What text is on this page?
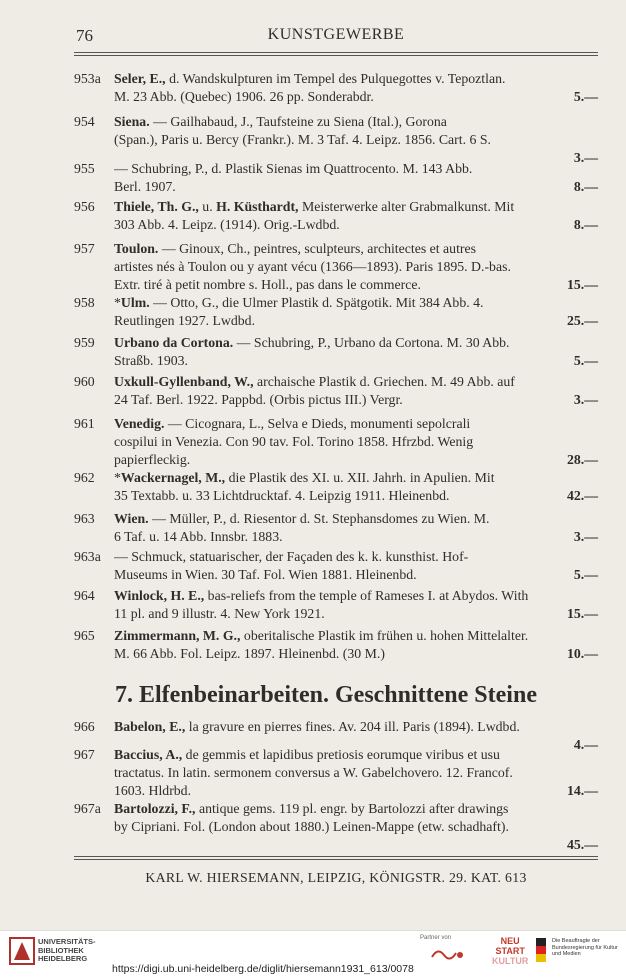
76	KUNSTGEWERBE
953a Seler, E., d. Wandskulpturen im Tempel des Pulquegottes v. Tepoztlan.
M. 23 Abb. (Quebec) 1906. 26 pp. Sonderabdr.	5.—
954	Siena. — Gailhabaud, J., Taufsteine zu Siena (Ital.), Gorona
(Span.), Paris u. Bercy (Frankr.). M. 3 Taf. 4. Leipz. 1856. Cart. 6 S.
3.—
955	— Schubring, P., d. Plastik Sienas im Quattrocento. M. 143 Abb.
Berl. 1907.	8.—
956	Thiele, Th. G., u. H. Küsthardt, Meisterwerke alter Grabmalkunst. Mit
303 Abb. 4. Leipz. (1914). Orig.-Lwdbd.	8.—
957	Toulon. — Ginoux, Ch., peintres, sculpteurs, architectes et autres
artistes nés à Toulon ou y ayant vécu (1366—1893). Paris 1895. D.-bas.
Extr. tiré à petit nombre s. Holl., pas dans le commerce.	15.—
958	*Ulm. — Otto, G., die Ulmer Plastik d. Spätgotik. Mit 384 Abb. 4.
Reutlingen 1927. Lwdbd.	25.—
959	Urbano da Cortona. — Schubring, P., Urbano da Cortona. M. 30 Abb.
Straßb. 1903.	5.—
960	Uxkull-Gyllenband, W., archaische Plastik d. Griechen. M. 49 Abb. auf
24 Taf. Berl. 1922. Pappbd. (Orbis pictus III.) Vergr.	3.—
961	Venedig. — Cicognara, L., Selva e Dieds, monumenti sepolcrali
cospilui in Venezia. Con 90 tav. Fol. Torino 1858. Hfrzbd. Wenig
papierfleckig.	28.—
962	*Wackernagel, M., die Plastik des XI. u. XII. Jahrh. in Apulien. Mit
35 Textabb. u. 33 Lichtdrucktaf. 4. Leipzig 1911. Hleinenbd.	42.—
963	Wien. — Müller, P., d. Riesentor d. St. Stephansdomes zu Wien. M.
6 Taf. u. 14 Abb. Innsbr. 1883.	3.—
963a — Schmuck, statuarischer, der Façaden des k. k. kunsthist. Hof-
Museums in Wien. 30 Taf. Fol. Wien 1881. Hleinenbd.	5.—
964	Winlock, H. E., bas-reliefs from the temple of Rameses I. at Abydos. With
11 pl. and 9 illustr. 4. New York 1921.	15.—
965	Zimmermann, M. G., oberitalische Plastik im frühen u. hohen Mittelalter.
M. 66 Abb. Fol. Leipz. 1897. Hleinenbd. (30 M.)	10.—
7. Elfenbeinarbeiten. Geschnittene Steine
966	Babelon, E., la gravure en pierres fines. Av. 204 ill. Paris (1894). Lwdbd.
4.—
967	Baccius, A., de gemmis et lapidibus pretiosis eorumque viribus et usu
tractatus. In latin. sermonem conversus a W. Gabelchovero. 12. Francof.
1603. Hldrbd.	14.—
967a Bartolozzi, F., antique gems. 119 pl. engr. by Bartolozzi after drawings
by Cipriani. Fol. (London about 1880.) Leinen-Mappe (etw. schadhaft).
45.—
KARL W. HIERSEMANN, LEIPZIG, KÖNIGSTR. 29. KAT. 613
UNIVERSITÄTS-
BIBLIOTHEK
HEIDELBERG
Partner von	NEU
START
KULTUR
Die Beauftragte der Bundesregierung für Kultur und Medien
https://digi.ub.uni-heidelberg.de/diglit/hiersemann1931_613/0078
